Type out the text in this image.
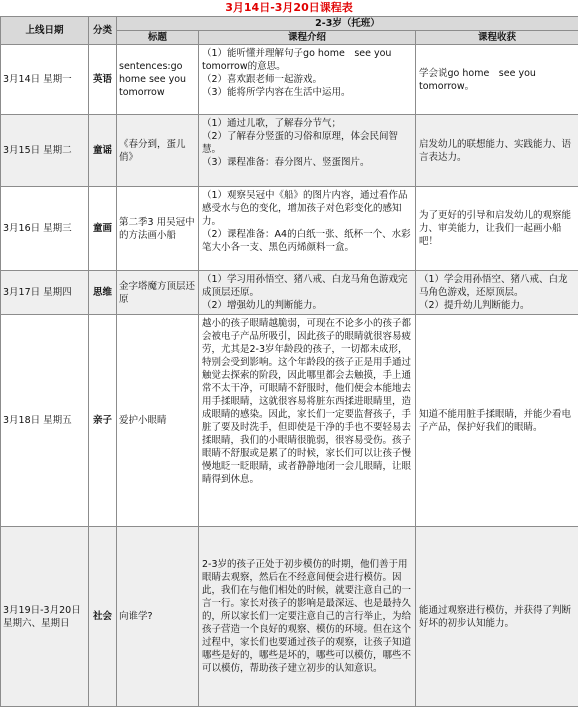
3月14日-3月20日课程表
上线日期	分类	2-3岁（托班）		
		标题	课程介绍	课程收获
3月14日 星期一	英语	sentences:go home see you tomorrow	（1）能听懂并理解句子go home　see you tomorrow的意思。
（2）喜欢跟老师一起游戏。
（3）能将所学内容在生活中运用。	学会说go home　see you tomorrow。

3月15日 星期二	童谣	《春分到，蛋儿俏》	（1）通过儿歌，了解春分节气；
（2）了解春分竖蛋的习俗和原理，体会民间智慧。
（3）课程准备：春分图片、竖蛋图片。	启发幼儿的联想能力、实践能力、语言表达力。

3月16日 星期三	童画	第二季3 用吴冠中的方法画小船	（1）观察吴冠中《船》的图片内容，通过看作品感受水与色的变化，增加孩子对色彩变化的感知力。
（2）课程准备：A4的白纸一张、纸杯一个、水彩笔大小各一支、黑色丙烯颜料一盒。	为了更好的引导和启发幼儿的观察能力、审美能力，让我们一起画小船吧！

3月17日 星期四	思维	金字塔魔方顶层还原	（1）学习用孙悟空、猪八戒、白龙马角色游戏完成顶层还原。
（2）增强幼儿的判断能力。	（1）学会用孙悟空、猪八戒、白龙马角色游戏，还原顶层。
（2）提升幼儿判断能力。

3月18日 星期五	亲子	爱护小眼睛	越小的孩子眼睛越脆弱，可现在不论多小的孩子都会被电子产品所吸引，因此孩子的眼睛就很容易疲劳，尤其是2-3岁年龄段的孩子，一切都未成形，特别会受到影响。这个年龄段的孩子正是用手通过触觉去探索的阶段，因此哪里都会去触摸，手上通常不太干净，可眼睛不舒服时，他们便会本能地去用手揉眼睛，这就很容易将脏东西揉进眼睛里，造成眼睛的感染。因此，家长们一定要监督孩子，手脏了要及时洗手，但即使是干净的手也不要轻易去揉眼睛，我们的小眼睛很脆弱，很容易受伤。孩子眼睛不舒服或是累了的时候，家长们可以让孩子慢慢地眨一眨眼睛，或者静静地闭一会儿眼睛，让眼睛得到休息。	知道不能用脏手揉眼睛，并能少看电子产品，保护好我们的眼睛。

3月19日-3月20日 星期六、星期日	社会	向谁学?	2-3岁的孩子正处于初步模仿的时期，他们善于用眼睛去观察，然后在不经意间便会进行模仿。因此，我们在与他们相处的时候，就要注意自己的一言一行。家长对孩子的影响是最深远、也是最持久的，所以家长们一定要注意自己的言行举止，为给孩子营造一个良好的观察、模仿的环境。但在这个过程中，家长们也要通过孩子的观察，让孩子知道哪些是好的，哪些是坏的，哪些可以模仿，哪些不可以模仿，帮助孩子建立初步的认知意识。	能通过观察进行模仿，并获得了判断好坏的初步认知能力。
